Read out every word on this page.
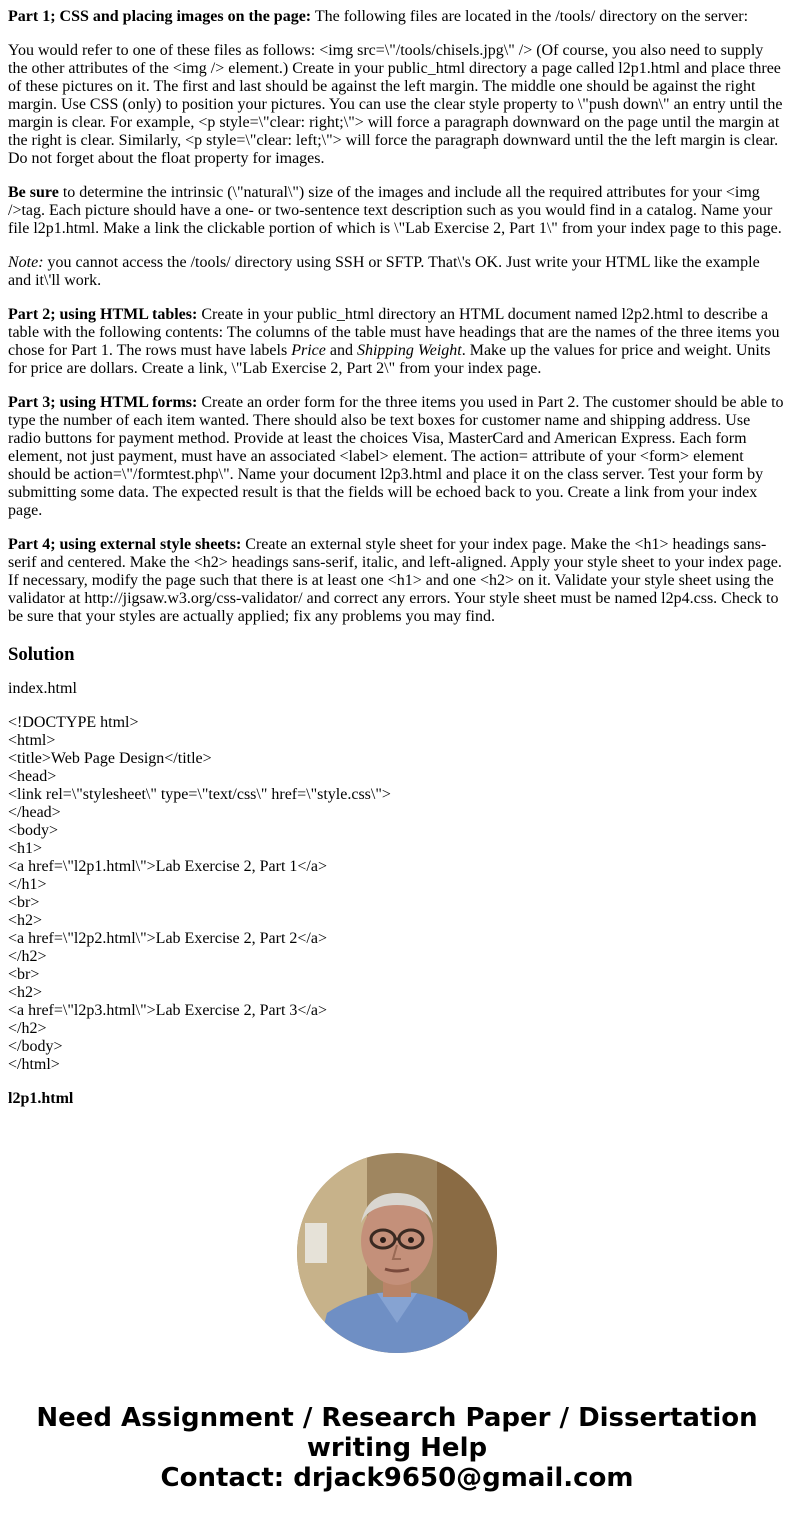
Part 1; CSS and placing images on the page: The following files are located in the /tools/ directory on the server:

You would refer to one of these files as follows: <img src=\"/tools/chisels.jpg\" /> (Of course, you also need to supply the other attributes of the <img /> element.) Create in your public_html directory a page called l2p1.html and place three of these pictures on it. The first and last should be against the left margin. The middle one should be against the right margin. Use CSS (only) to position your pictures. You can use the clear style property to \"push down\" an entry until the margin is clear. For example, <p style=\"clear: right;\"> will force a paragraph downward on the page until the margin at the right is clear. Similarly, <p style=\"clear: left;\"> will force the paragraph downward until the the left margin is clear. Do not forget about the float property for images.

Be sure to determine the intrinsic (\"natural\") size of the images and include all the required attributes for your <img />tag. Each picture should have a one- or two-sentence text description such as you would find in a catalog. Name your file l2p1.html. Make a link the clickable portion of which is \"Lab Exercise 2, Part 1\" from your index page to this page.

Note: you cannot access the /tools/ directory using SSH or SFTP. That\'s OK. Just write your HTML like the example and it\'ll work.

Part 2; using HTML tables: Create in your public_html directory an HTML document named l2p2.html to describe a table with the following contents: The columns of the table must have headings that are the names of the three items you chose for Part 1. The rows must have labels Price and Shipping Weight. Make up the values for price and weight. Units for price are dollars. Create a link, \"Lab Exercise 2, Part 2\" from your index page.

Part 3; using HTML forms: Create an order form for the three items you used in Part 2. The customer should be able to type the number of each item wanted. There should also be text boxes for customer name and shipping address. Use radio buttons for payment method. Provide at least the choices Visa, MasterCard and American Express. Each form element, not just payment, must have an associated <label> element. The action= attribute of your <form> element should be action=\"/formtest.php\". Name your document l2p3.html and place it on the class server. Test your form by submitting some data. The expected result is that the fields will be echoed back to you. Create a link from your index page.

Part 4; using external style sheets: Create an external style sheet for your index page. Make the <h1> headings sans-serif and centered. Make the <h2> headings sans-serif, italic, and left-aligned. Apply your style sheet to your index page. If necessary, modify the page such that there is at least one <h1> and one <h2> on it. Validate your style sheet using the validator at http://jigsaw.w3.org/css-validator/ and correct any errors. Your style sheet must be named l2p4.css. Check to be sure that your styles are actually applied; fix any problems you may find.

Solution

index.html

<!DOCTYPE html>
<html>
<title>Web Page Design</title>
<head>
<link rel=\"stylesheet\" type=\"text/css\" href=\"style.css\">
</head>
<body>
<h1>
<a href=\"l2p1.html\">Lab Exercise 2, Part 1</a>
</h1>
<br>
<h2>
<a href=\"l2p2.html\">Lab Exercise 2, Part 2</a>
</h2>
<br>
<h2>
<a href=\"l2p3.html\">Lab Exercise 2, Part 3</a>
</h2>
</body>
</html>

l2p1.html

Need Assignment / Research Paper / Dissertation
writing Help
Contact: drjack9650@gmail.com
